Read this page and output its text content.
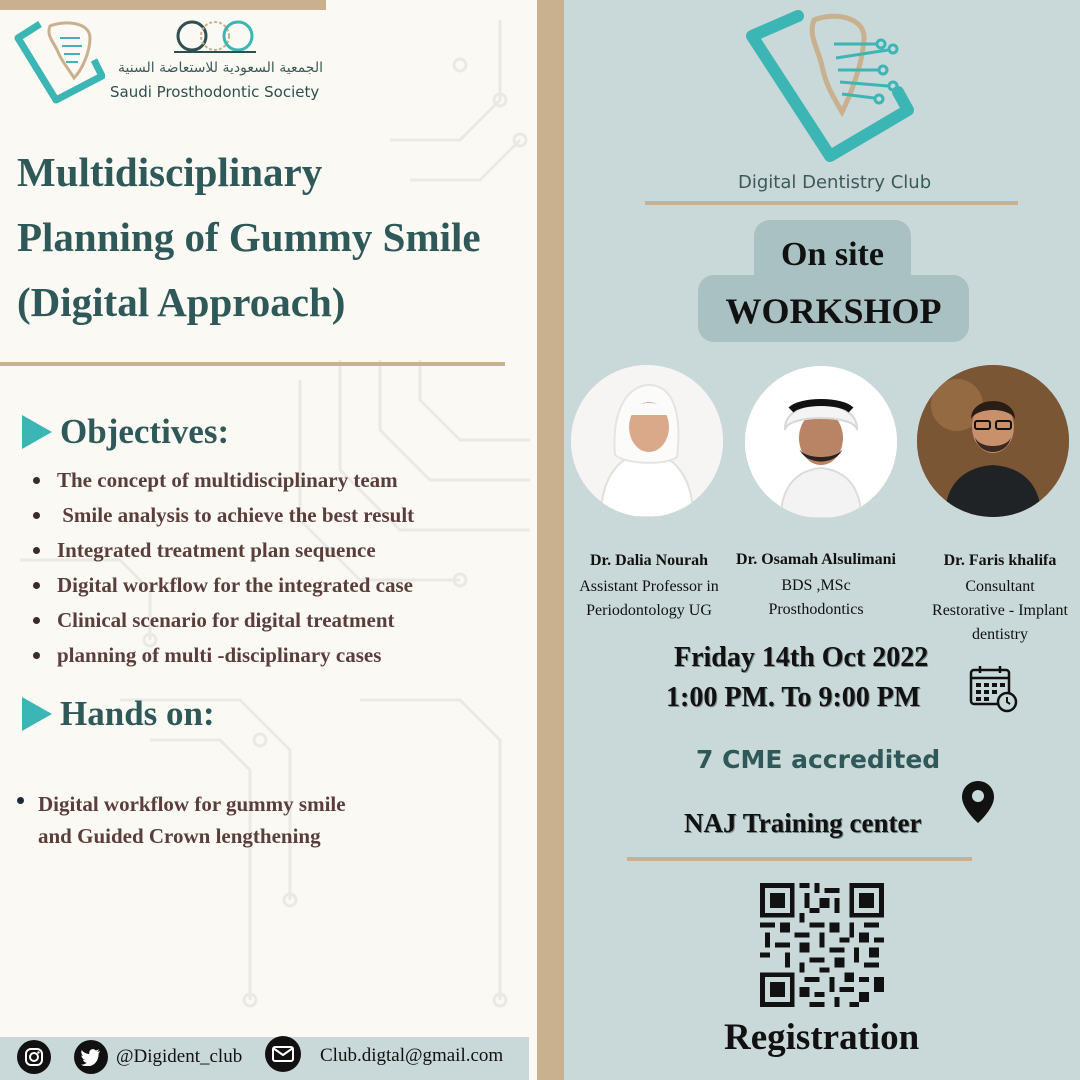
الجمعية السعودية للاستعاضة السنية
Saudi Prosthodontic Society
Multidisciplinary
Planning of Gummy Smile
(Digital Approach)
Objectives:
The concept of multidisciplinary team
Smile analysis to achieve the best result
Integrated treatment plan sequence
Digital workflow for the integrated case
Clinical scenario for digital treatment
planning of multi -disciplinary cases
Hands on:
Digital workflow for gummy smile
and Guided Crown lengthening
@Digident_club	Club.digtal@gmail.com
Digital Dentistry Club
On site
WORKSHOP
Dr. Dalia Nourah
Assistant Professor in
Periodontology UG
Dr. Osamah Alsulimani
BDS ,MSc
Prosthodontics
Dr. Faris khalifa
Consultant
Restorative - Implant
dentistry
Friday 14th Oct 2022
1:00 PM. To 9:00 PM
7 CME accredited
NAJ Training center
Registration
